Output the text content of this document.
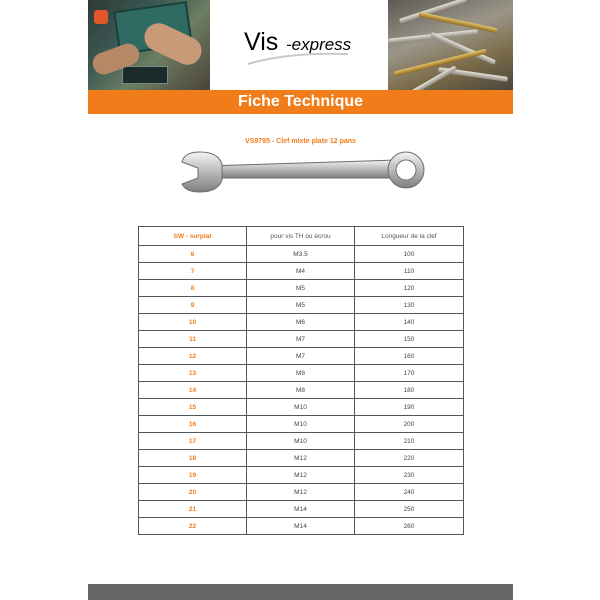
Vis -express
Fiche Technique
VS9795 - Clef mixte plate 12 pans
SW - surplat	pour vis TH ou écrou	Longueur de la clef
6	M3.5	100
7	M4	110
8	M5	120
9	M5	130
10	M6	140
11	M7	150
12	M7	160
13	M8	170
14	M8	180
15	M10	190
16	M10	200
17	M10	210
18	M12	220
19	M12	230
20	M12	240
21	M14	250
22	M14	260
